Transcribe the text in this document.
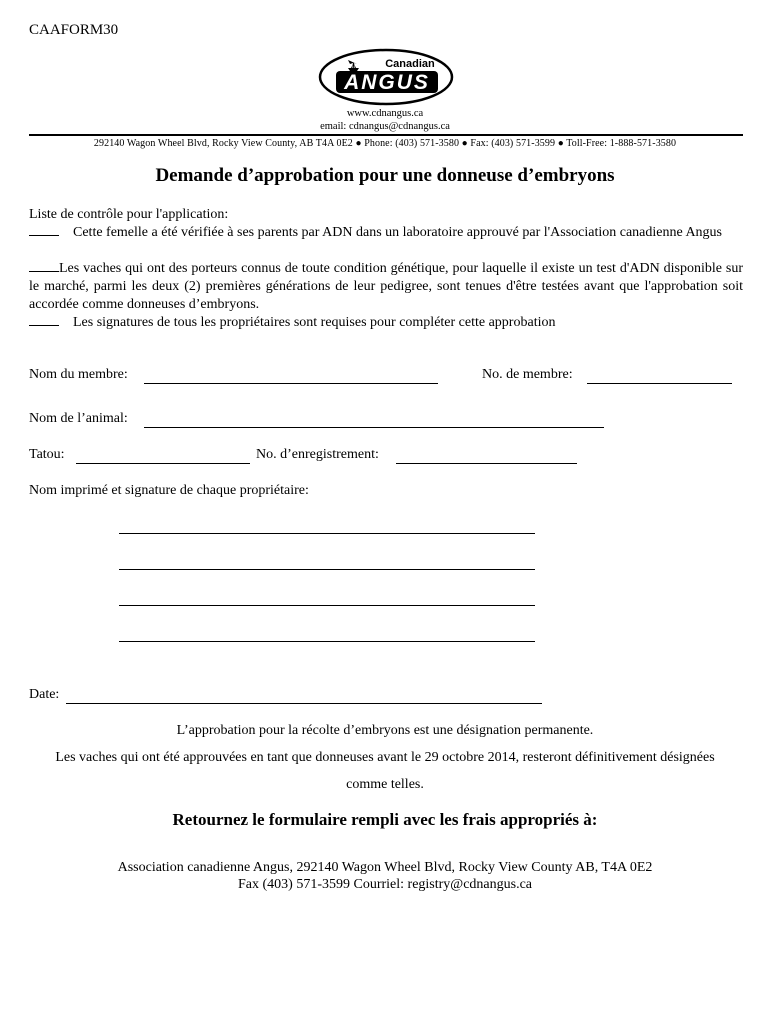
CAAFORM30
Canadian
ANGUS
www.cdnangus.ca
email: cdnangus@cdnangus.ca
292140 Wagon Wheel Blvd, Rocky View County, AB T4A 0E2 ● Phone: (403) 571-3580 ● Fax: (403) 571-3599 ● Toll-Free: 1-888-571-3580
Demande d’approbation pour une donneuse d’embryons
Liste de contrôle pour l'application:
Cette femelle a été vérifiée à ses parents par ADN dans un laboratoire approuvé par l'Association canadienne Angus
Les vaches qui ont des porteurs connus de toute condition génétique, pour laquelle il existe un test d'ADN disponible sur le marché, parmi les deux (2) premières générations de leur pedigree, sont tenues d'être testées avant que l'approbation soit accordée comme donneuses d’embryons.
Les signatures de tous les propriétaires sont requises pour compléter cette approbation
Nom du membre:	No. de membre:
Nom de l’animal:
Tatou:	No. d’enregistrement:
Nom imprimé et signature de chaque propriétaire:
Date:
L’approbation pour la récolte d’embryons est une désignation permanente.
Les vaches qui ont été approuvées en tant que donneuses avant le 29 octobre 2014, resteront définitivement désignées
comme telles.
Retournez le formulaire rempli avec les frais appropriés à:
Association canadienne Angus, 292140 Wagon Wheel Blvd, Rocky View County AB, T4A 0E2
Fax (403) 571-3599 Courriel: registry@cdnangus.ca
